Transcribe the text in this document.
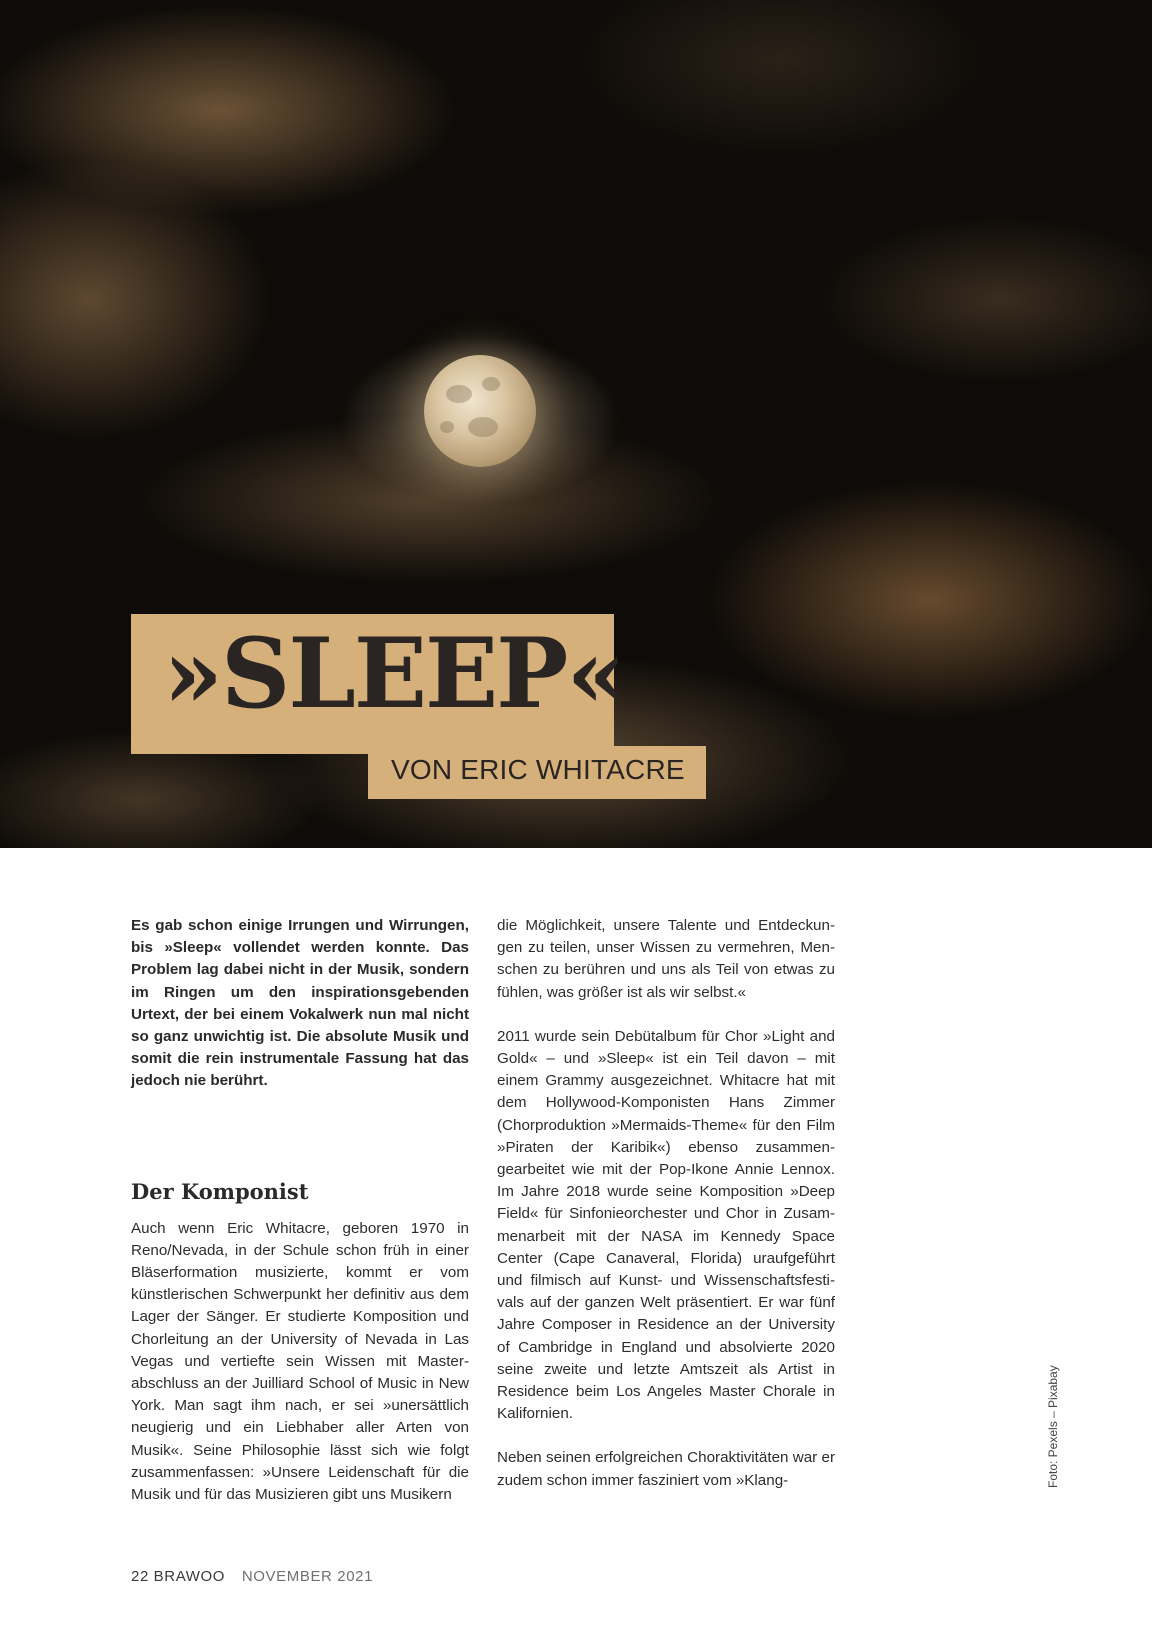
»SLEEP«
VON ERIC WHITACRE

Es gab schon einige Irrungen und Wirrungen, bis »Sleep« vollendet werden konnte. Das Problem lag dabei nicht in der Musik, sondern im Ringen um den inspirationsgebenden Urtext, der bei einem Vokalwerk nun mal nicht so ganz unwichtig ist. Die absolute Musik und somit die rein instrumentale Fassung hat das jedoch nie berührt.

Der Komponist

Auch wenn Eric Whitacre, geboren 1970 in Reno/Nevada, in der Schule schon früh in einer Bläserformation musizierte, kommt er vom künstlerischen Schwerpunkt her definitiv aus dem Lager der Sänger. Er studierte Komposition und Chorleitung an der University of Nevada in Las Vegas und vertiefte sein Wissen mit Masterabschluss an der Juilliard School of Music in New York. Man sagt ihm nach, er sei »unersättlich neugierig und ein Liebhaber aller Arten von Musik«. Seine Philosophie lässt sich wie folgt zusammenfassen: »Unsere Leidenschaft für die Musik und für das Musizieren gibt uns Musikern

die Möglichkeit, unsere Talente und Entdeckungen zu teilen, unser Wissen zu vermehren, Menschen zu berühren und uns als Teil von etwas zu fühlen, was größer ist als wir selbst.«

2011 wurde sein Debütalbum für Chor »Light and Gold« – und »Sleep« ist ein Teil davon – mit einem Grammy ausgezeichnet. Whitacre hat mit dem Hollywood-Komponisten Hans Zimmer (Chorproduktion »Mermaids-Theme« für den Film »Piraten der Karibik«) ebenso zusammengearbeitet wie mit der Pop-Ikone Annie Lennox. Im Jahre 2018 wurde seine Komposition »Deep Field« für Sinfonieorchester und Chor in Zusammenarbeit mit der NASA im Kennedy Space Center (Cape Canaveral, Florida) uraufgeführt und filmisch auf Kunst- und Wissenschaftsfestivals auf der ganzen Welt präsentiert. Er war fünf Jahre Composer in Residence an der University of Cambridge in England und absolvierte 2020 seine zweite und letzte Amtszeit als Artist in Residence beim Los Angeles Master Chorale in Kalifornien.

Neben seinen erfolgreichen Choraktivitäten war er zudem schon immer fasziniert vom »Klang-	Foto: Pexels – Pixabay
22 BRAWOO NOVEMBER 2021
